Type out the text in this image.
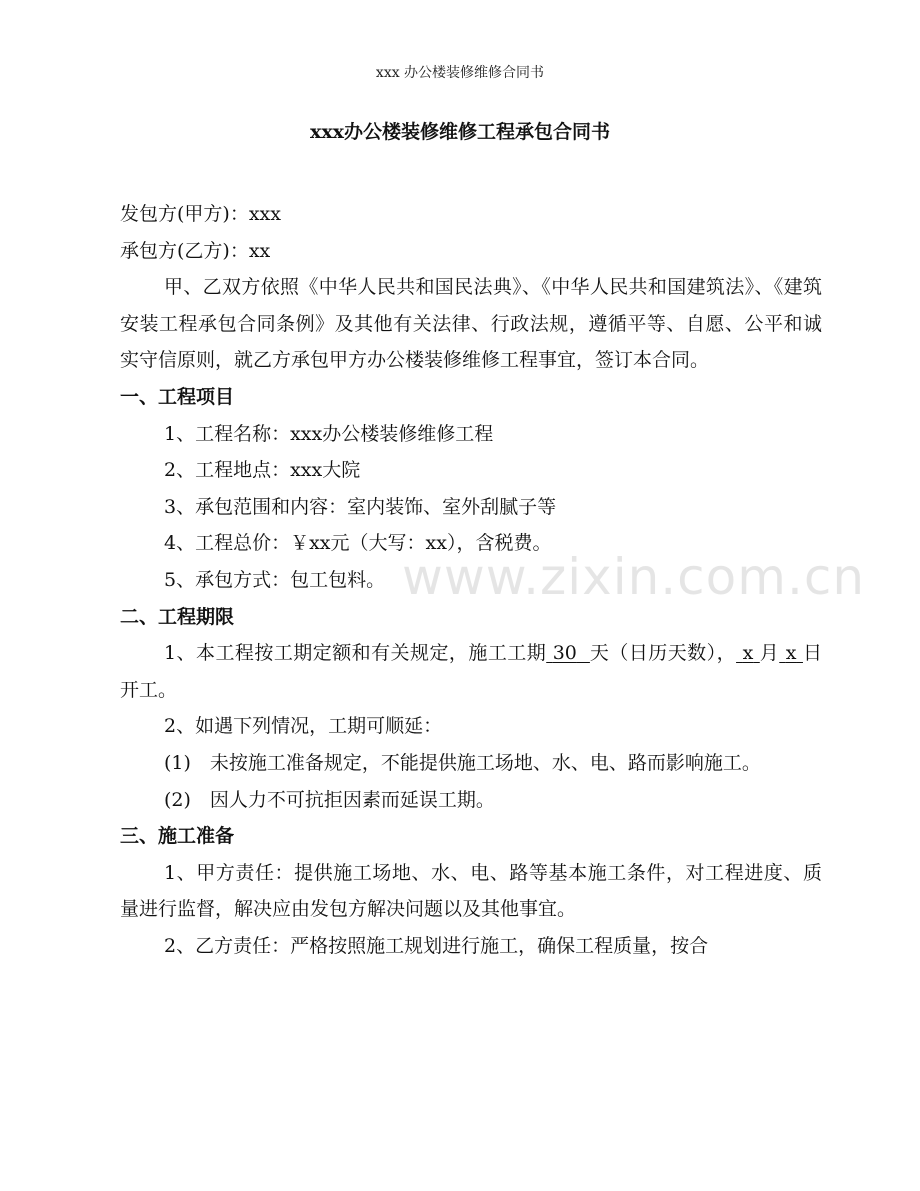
xxx 办公楼装修维修合同书
xxx办公楼装修维修工程承包合同书

发包方(甲方)：xxx

承包方(乙方)：xx

甲、乙双方依照《中华人民共和国民法典》、《中华人民共和国建筑法》、《建筑安装工程承包合同条例》及其他有关法律、行政法规，遵循平等、自愿、公平和诚实守信原则，就乙方承包甲方办公楼装修维修工程事宜，签订本合同。

一、工程项目

1、工程名称：xxx办公楼装修维修工程

2、工程地点：xxx大院

3、承包范围和内容：室内装饰、室外刮腻子等

4、工程总价：￥xx元（大写：xx），含税费。

5、承包方式：包工包料。

二、工程期限

1、本工程按工期定额和有关规定，施工工期 30 天（日历天数）， x 月 x 日开工。

2、如遇下列情况，工期可顺延：

(1)　未按施工准备规定，不能提供施工场地、水、电、路而影响施工。

(2)　因人力不可抗拒因素而延误工期。

三、施工准备

1、甲方责任：提供施工场地、水、电、路等基本施工条件，对工程进度、质量进行监督，解决应由发包方解决问题以及其他事宜。

2、乙方责任：严格按照施工规划进行施工，确保工程质量，按合

www.zixin.com.cn
